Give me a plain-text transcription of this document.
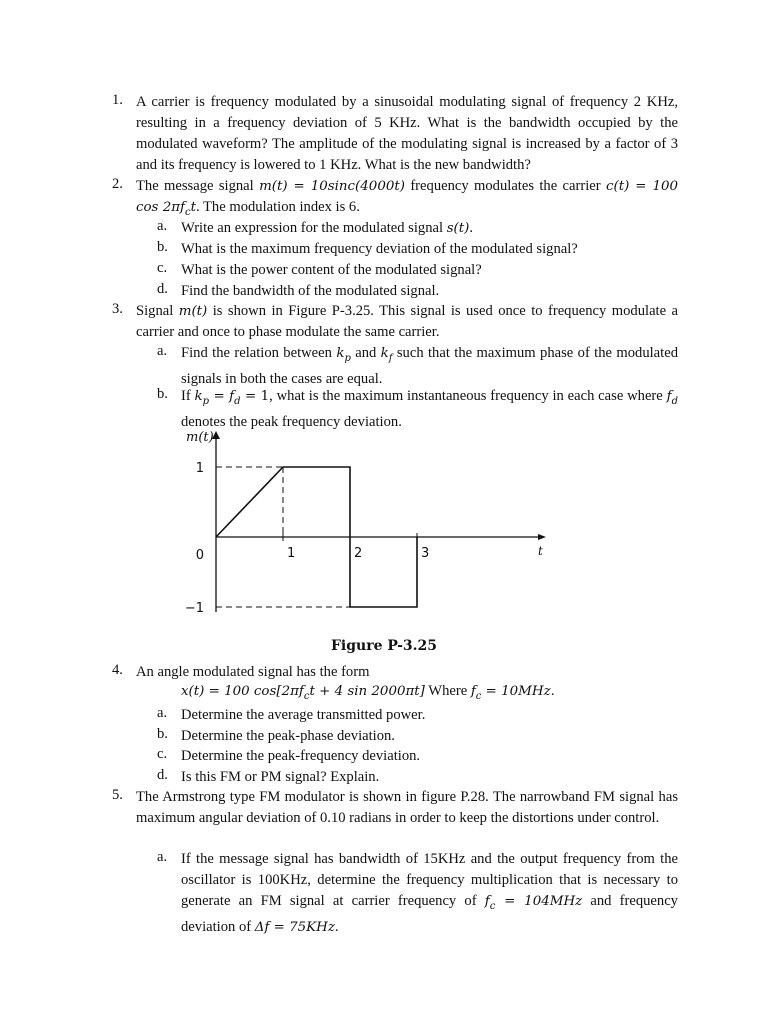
1. A carrier is frequency modulated by a sinusoidal modulating signal of frequency 2 KHz, resulting in a frequency deviation of 5 KHz. What is the bandwidth occupied by the modulated waveform? The amplitude of the modulating signal is increased by a factor of 3 and its frequency is lowered to 1 KHz. What is the new bandwidth?
2. The message signal m(t) = 10sinc(4000t) frequency modulates the carrier c(t) = 100 $\cos 2\pi f_ct$. The modulation index is 6.
a. Write an expression for the modulated signal s(t).
b. What is the maximum frequency deviation of the modulated signal?
c. What is the power content of the modulated signal?
d. Find the bandwidth of the modulated signal.
3. Signal m(t) is shown in Figure P-3.25. This signal is used once to frequency modulate a carrier and once to phase modulate the same carrier.
a. Find the relation between $k_p$ and $k_f$ such that the maximum phase of the modulated signals in both the cases are equal.
b. If $k_p = f_d = 1$, what is the maximum instantaneous frequency in each case where $f_d$ denotes the peak frequency deviation.
1	2	3
1
0
−1
m(t)
t
Figure P-3.25
4. An angle modulated signal has the form
x(t) = 100 $\cos[2\pi f_ct + 4$ sin 2000πt] Where $f_c = 10MHz$.
a. Determine the average transmitted power.
b. Determine the peak-phase deviation.
c. Determine the peak-frequency deviation.
d. Is this FM or PM signal? Explain.
5. The Armstrong type FM modulator is shown in figure P.28. The narrowband FM signal has maximum angular deviation of 0.10 radians in order to keep the distortions under control.
a. If the message signal has bandwidth of 15KHz and the output frequency from the oscillator is 100KHz, determine the frequency multiplication that is necessary to generate an FM signal at carrier frequency of $f_c = 104MHz$ and frequency deviation of Δf = 75KHz.
